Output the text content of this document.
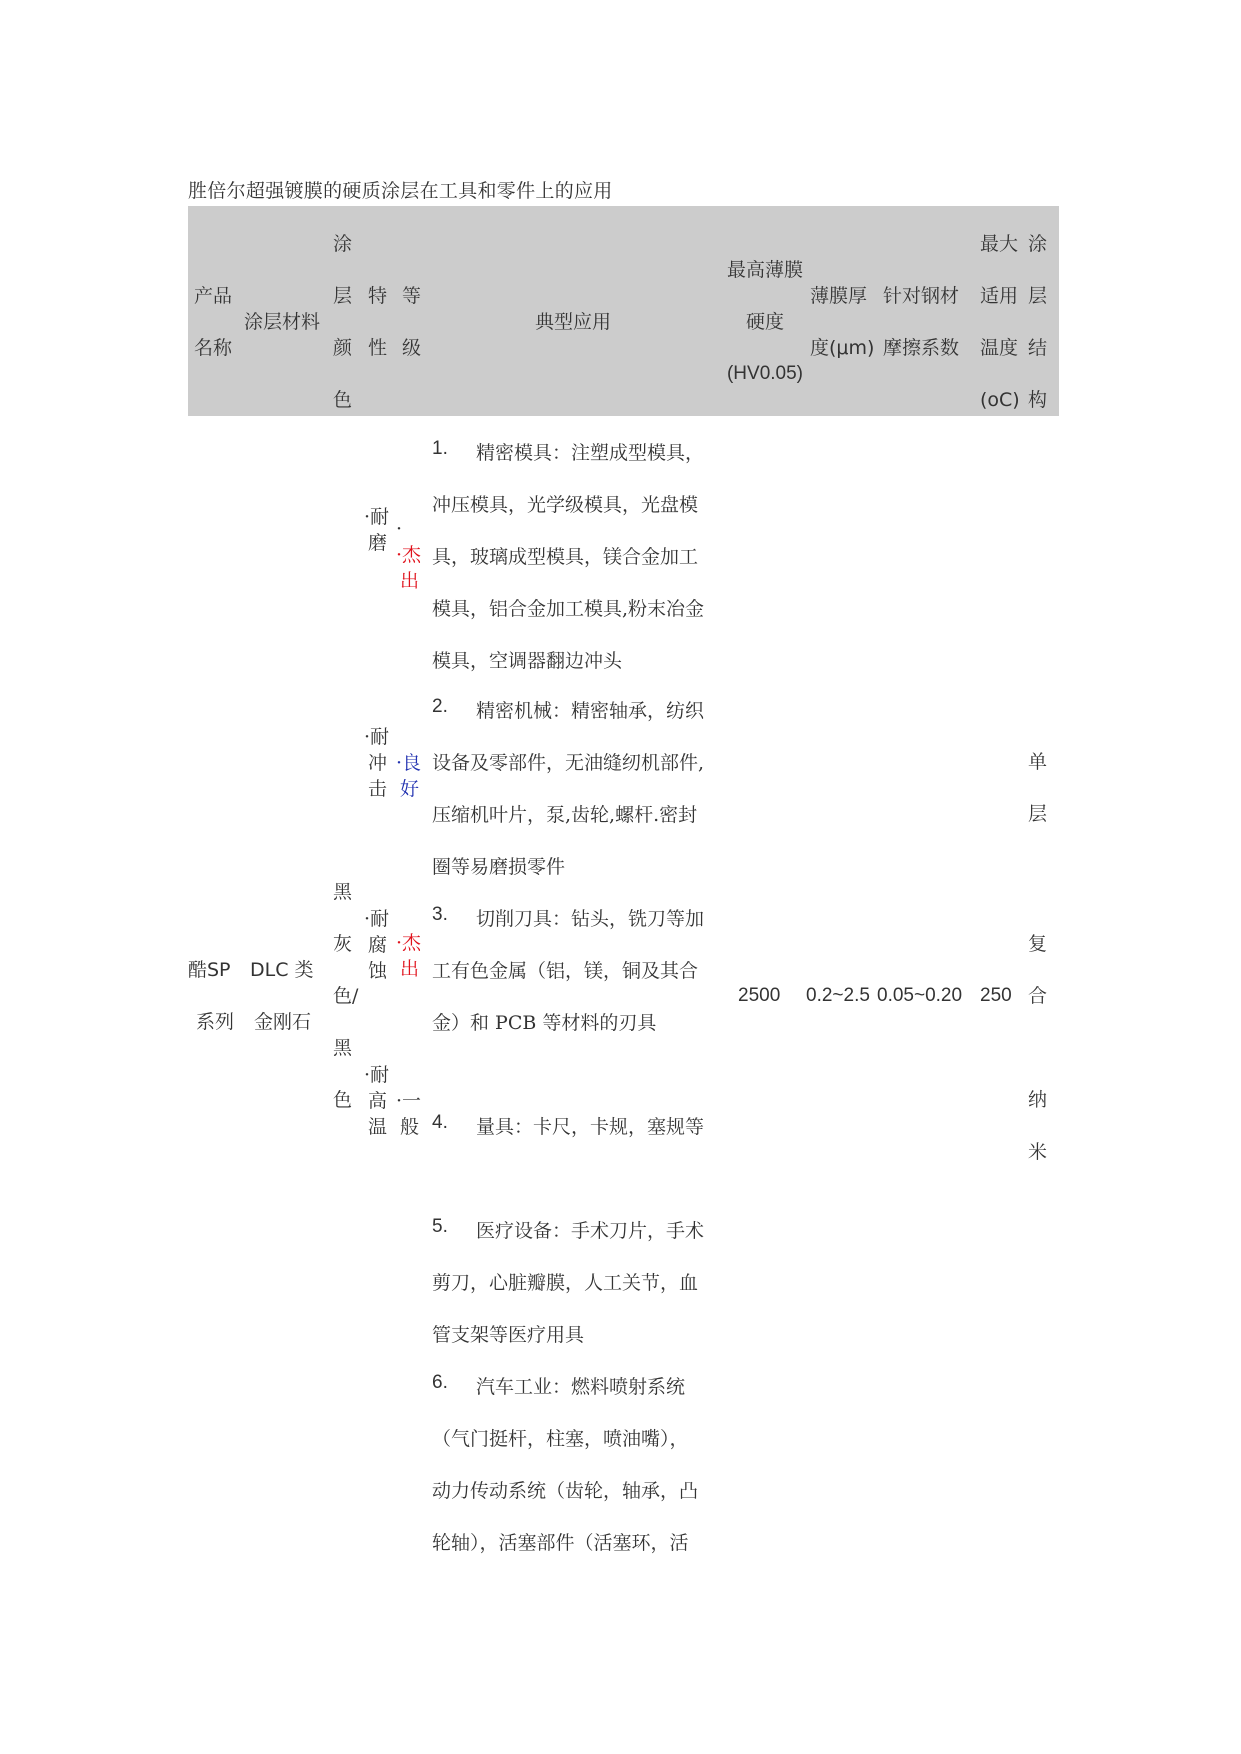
胜倍尔超强镀膜的硬质涂层在工具和零件上的应用
产品
名称
涂层材料
涂
层
颜
色
特
性
等
级
典型应用
最高薄膜
硬度
(HV0.05)
薄膜厚
度(μm)
针对钢材
摩擦系数
最大
适用
温度
(oC)
涂
层
结
构
酷SP
系列
DLC 类
金刚石
黑
灰
色/
黑
色
·耐
磨
·耐
冲
击
·耐
腐
蚀
·耐
高
温
·
·杰
出
·良
好
·杰
出
·一
般
1. 精密模具：注塑成型模具，
冲压模具，光学级模具，光盘模
具，玻璃成型模具，镁合金加工
模具，铝合金加工模具,粉末冶金
模具，空调器翻边冲头
2. 精密机械：精密轴承，纺织
设备及零部件，无油缝纫机部件,
压缩机叶片，泵,齿轮,螺杆.密封
圈等易磨损零件
3. 切削刀具：钻头，铣刀等加
工有色金属（铝，镁，铜及其合
金）和 PCB 等材料的刃具
4. 量具：卡尺，卡规，塞规等
5. 医疗设备：手术刀片，手术
剪刀，心脏瓣膜，人工关节，血
管支架等医疗用具
6. 汽车工业：燃料喷射系统
（气门挺杆，柱塞，喷油嘴），
动力传动系统（齿轮，轴承，凸
轮轴），活塞部件（活塞环，活
2500 0.2~2.5 0.05~0.20 250
单
层
复
合
纳
米
